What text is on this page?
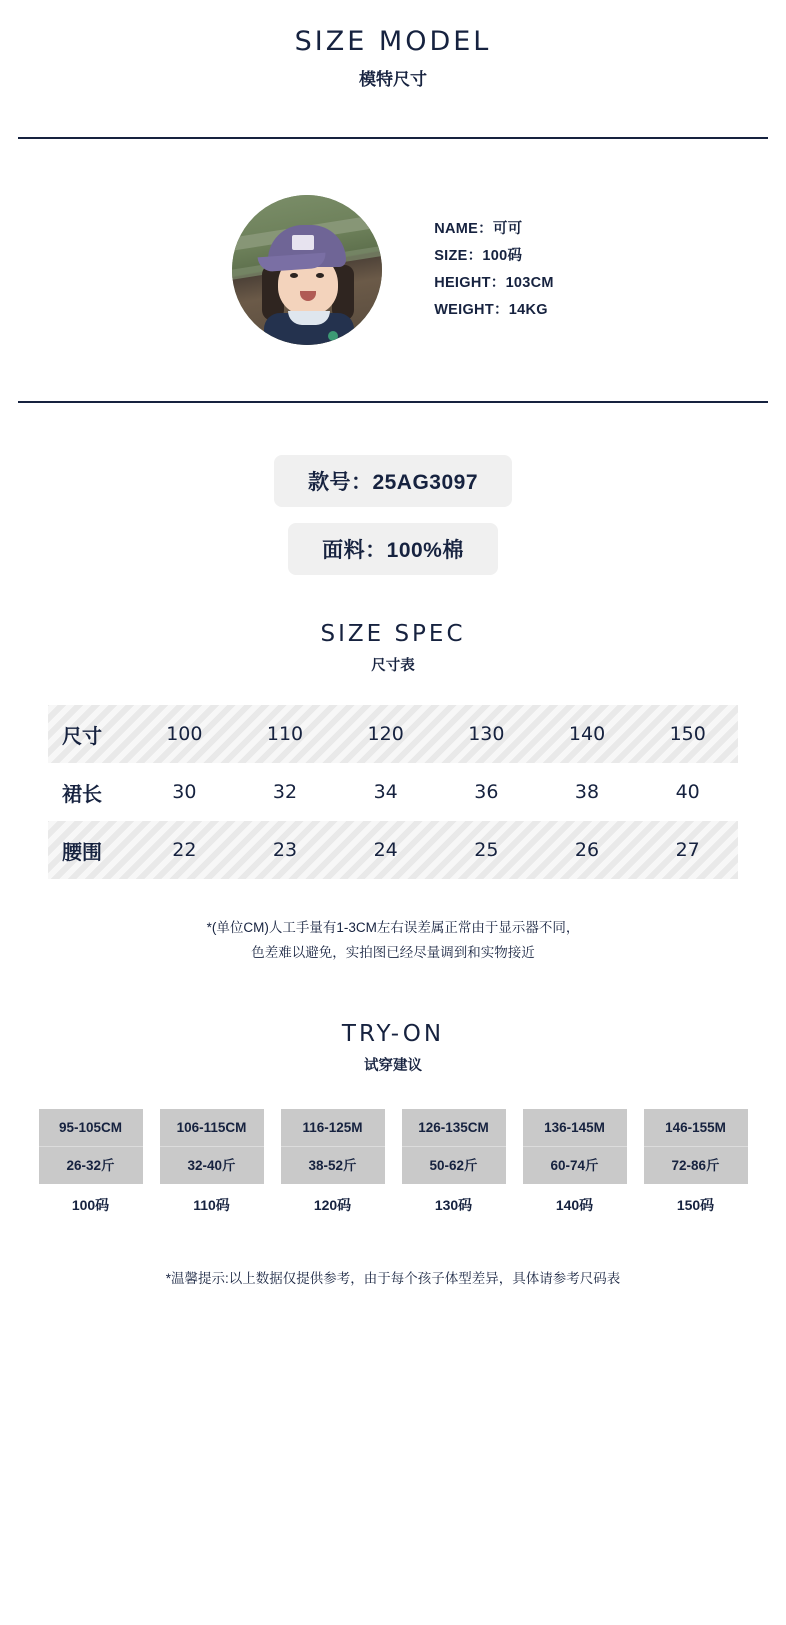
SIZE MODEL
模特尺寸
NAME：可可
SIZE：100码
HEIGHT：103CM
WEIGHT：14KG
款号：25AG3097
面料：100%棉
SIZE SPEC
尺寸表
尺寸	100	110	120	130	140	150
裙长	30	32	34	36	38	40
腰围	22	23	24	25	26	27
*(单位CM)人工手量有1-3CM左右误差属正常由于显示器不同，
色差难以避免，实拍图已经尽量调到和实物接近
TRY-ON
试穿建议
95-105CM
26-32斤
100码
106-115CM
32-40斤
110码
116-125M
38-52斤
120码
126-135CM
50-62斤
130码
136-145M
60-74斤
140码
146-155M
72-86斤
150码
*温馨提示:以上数据仅提供参考，由于每个孩子体型差异，具体请参考尺码表
